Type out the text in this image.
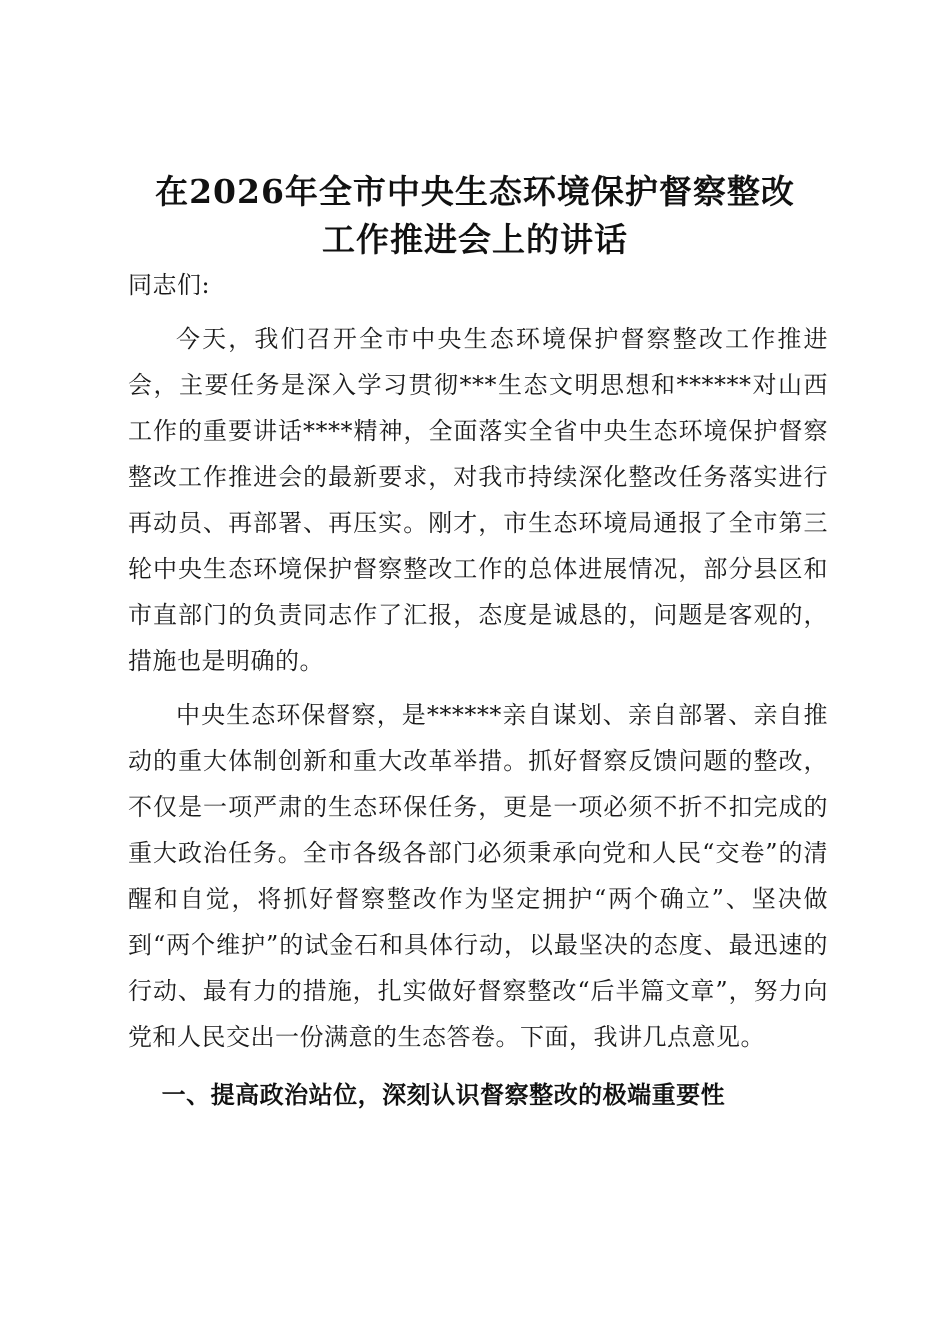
在2026年全市中央生态环境保护督察整改
工作推进会上的讲话

同志们:

今天，我们召开全市中央生态环境保护督察整改工作推进会，主要任务是深入学习贯彻***生态文明思想和******对山西工作的重要讲话****精神，全面落实全省中央生态环境保护督察整改工作推进会的最新要求，对我市持续深化整改任务落实进行再动员、再部署、再压实。刚才，市生态环境局通报了全市第三轮中央生态环境保护督察整改工作的总体进展情况，部分县区和市直部门的负责同志作了汇报，态度是诚恳的，问题是客观的，措施也是明确的。

中央生态环保督察，是******亲自谋划、亲自部署、亲自推动的重大体制创新和重大改革举措。抓好督察反馈问题的整改，不仅是一项严肃的生态环保任务，更是一项必须不折不扣完成的重大政治任务。全市各级各部门必须秉承向党和人民“交卷”的清醒和自觉，将抓好督察整改作为坚定拥护“两个确立”、坚决做到“两个维护”的试金石和具体行动，以最坚决的态度、最迅速的行动、最有力的措施，扎实做好督察整改“后半篇文章”，努力向党和人民交出一份满意的生态答卷。下面，我讲几点意见。

一、提高政治站位，深刻认识督察整改的极端重要性
